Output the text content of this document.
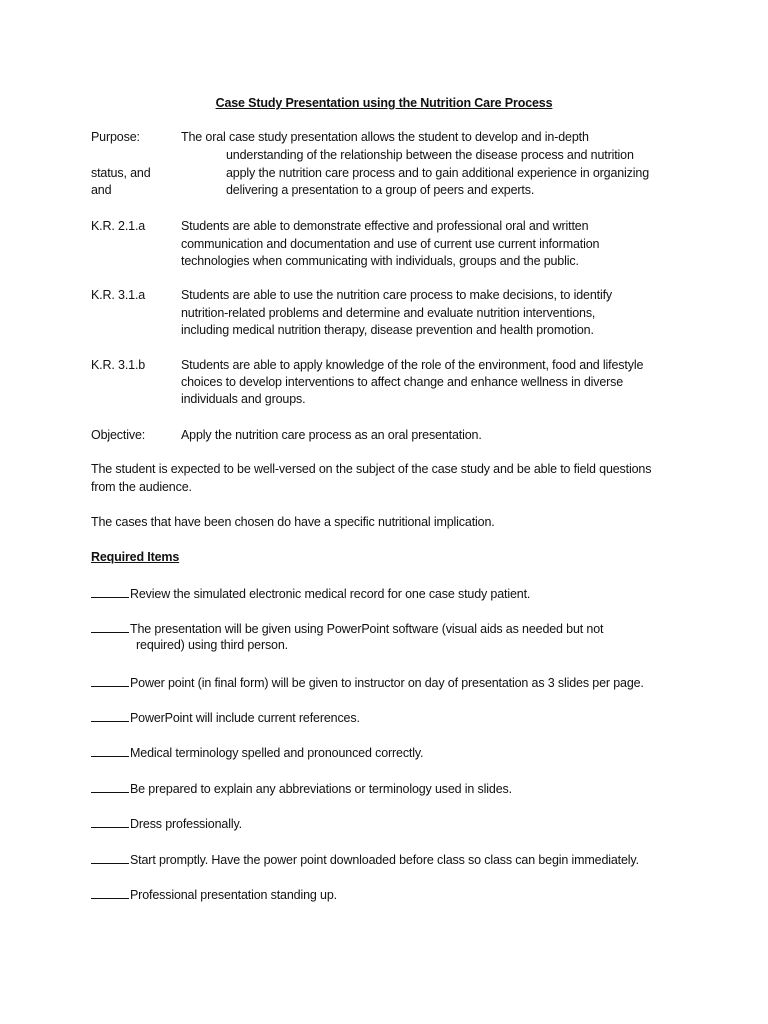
Case Study Presentation using the Nutrition Care Process
Purpose:	The oral case study presentation allows the student to develop and in-depth
understanding of the relationship between the disease process and nutrition
status, and	apply the nutrition care process and to gain additional experience in organizing
and	delivering a presentation to a group of peers and experts.
K.R. 2.1.a	Students are able to demonstrate effective and professional oral and written
communication and documentation and use of current use current information
technologies when communicating with individuals, groups and the public.
K.R. 3.1.a	Students are able to use the nutrition care process to make decisions, to identify
nutrition-related problems and determine and evaluate nutrition interventions,
including medical nutrition therapy, disease prevention and health promotion.
K.R. 3.1.b	Students are able to apply knowledge of the role of the environment, food and lifestyle
choices to develop interventions to affect change and enhance wellness in diverse
individuals and groups.
Objective:	Apply the nutrition care process as an oral presentation.
The student is expected to be well-versed on the subject of the case study and be able to field questions
from the audience.
The cases that have been chosen do have a specific nutritional implication.
Required Items
Review the simulated electronic medical record for one case study patient.
The presentation will be given using PowerPoint software (visual aids as needed but not
required) using third person.
Power point (in final form) will be given to instructor on day of presentation as 3 slides per page.
PowerPoint will include current references.
Medical terminology spelled and pronounced correctly.
Be prepared to explain any abbreviations or terminology used in slides.
Dress professionally.
Start promptly. Have the power point downloaded before class so class can begin immediately.
Professional presentation standing up.
